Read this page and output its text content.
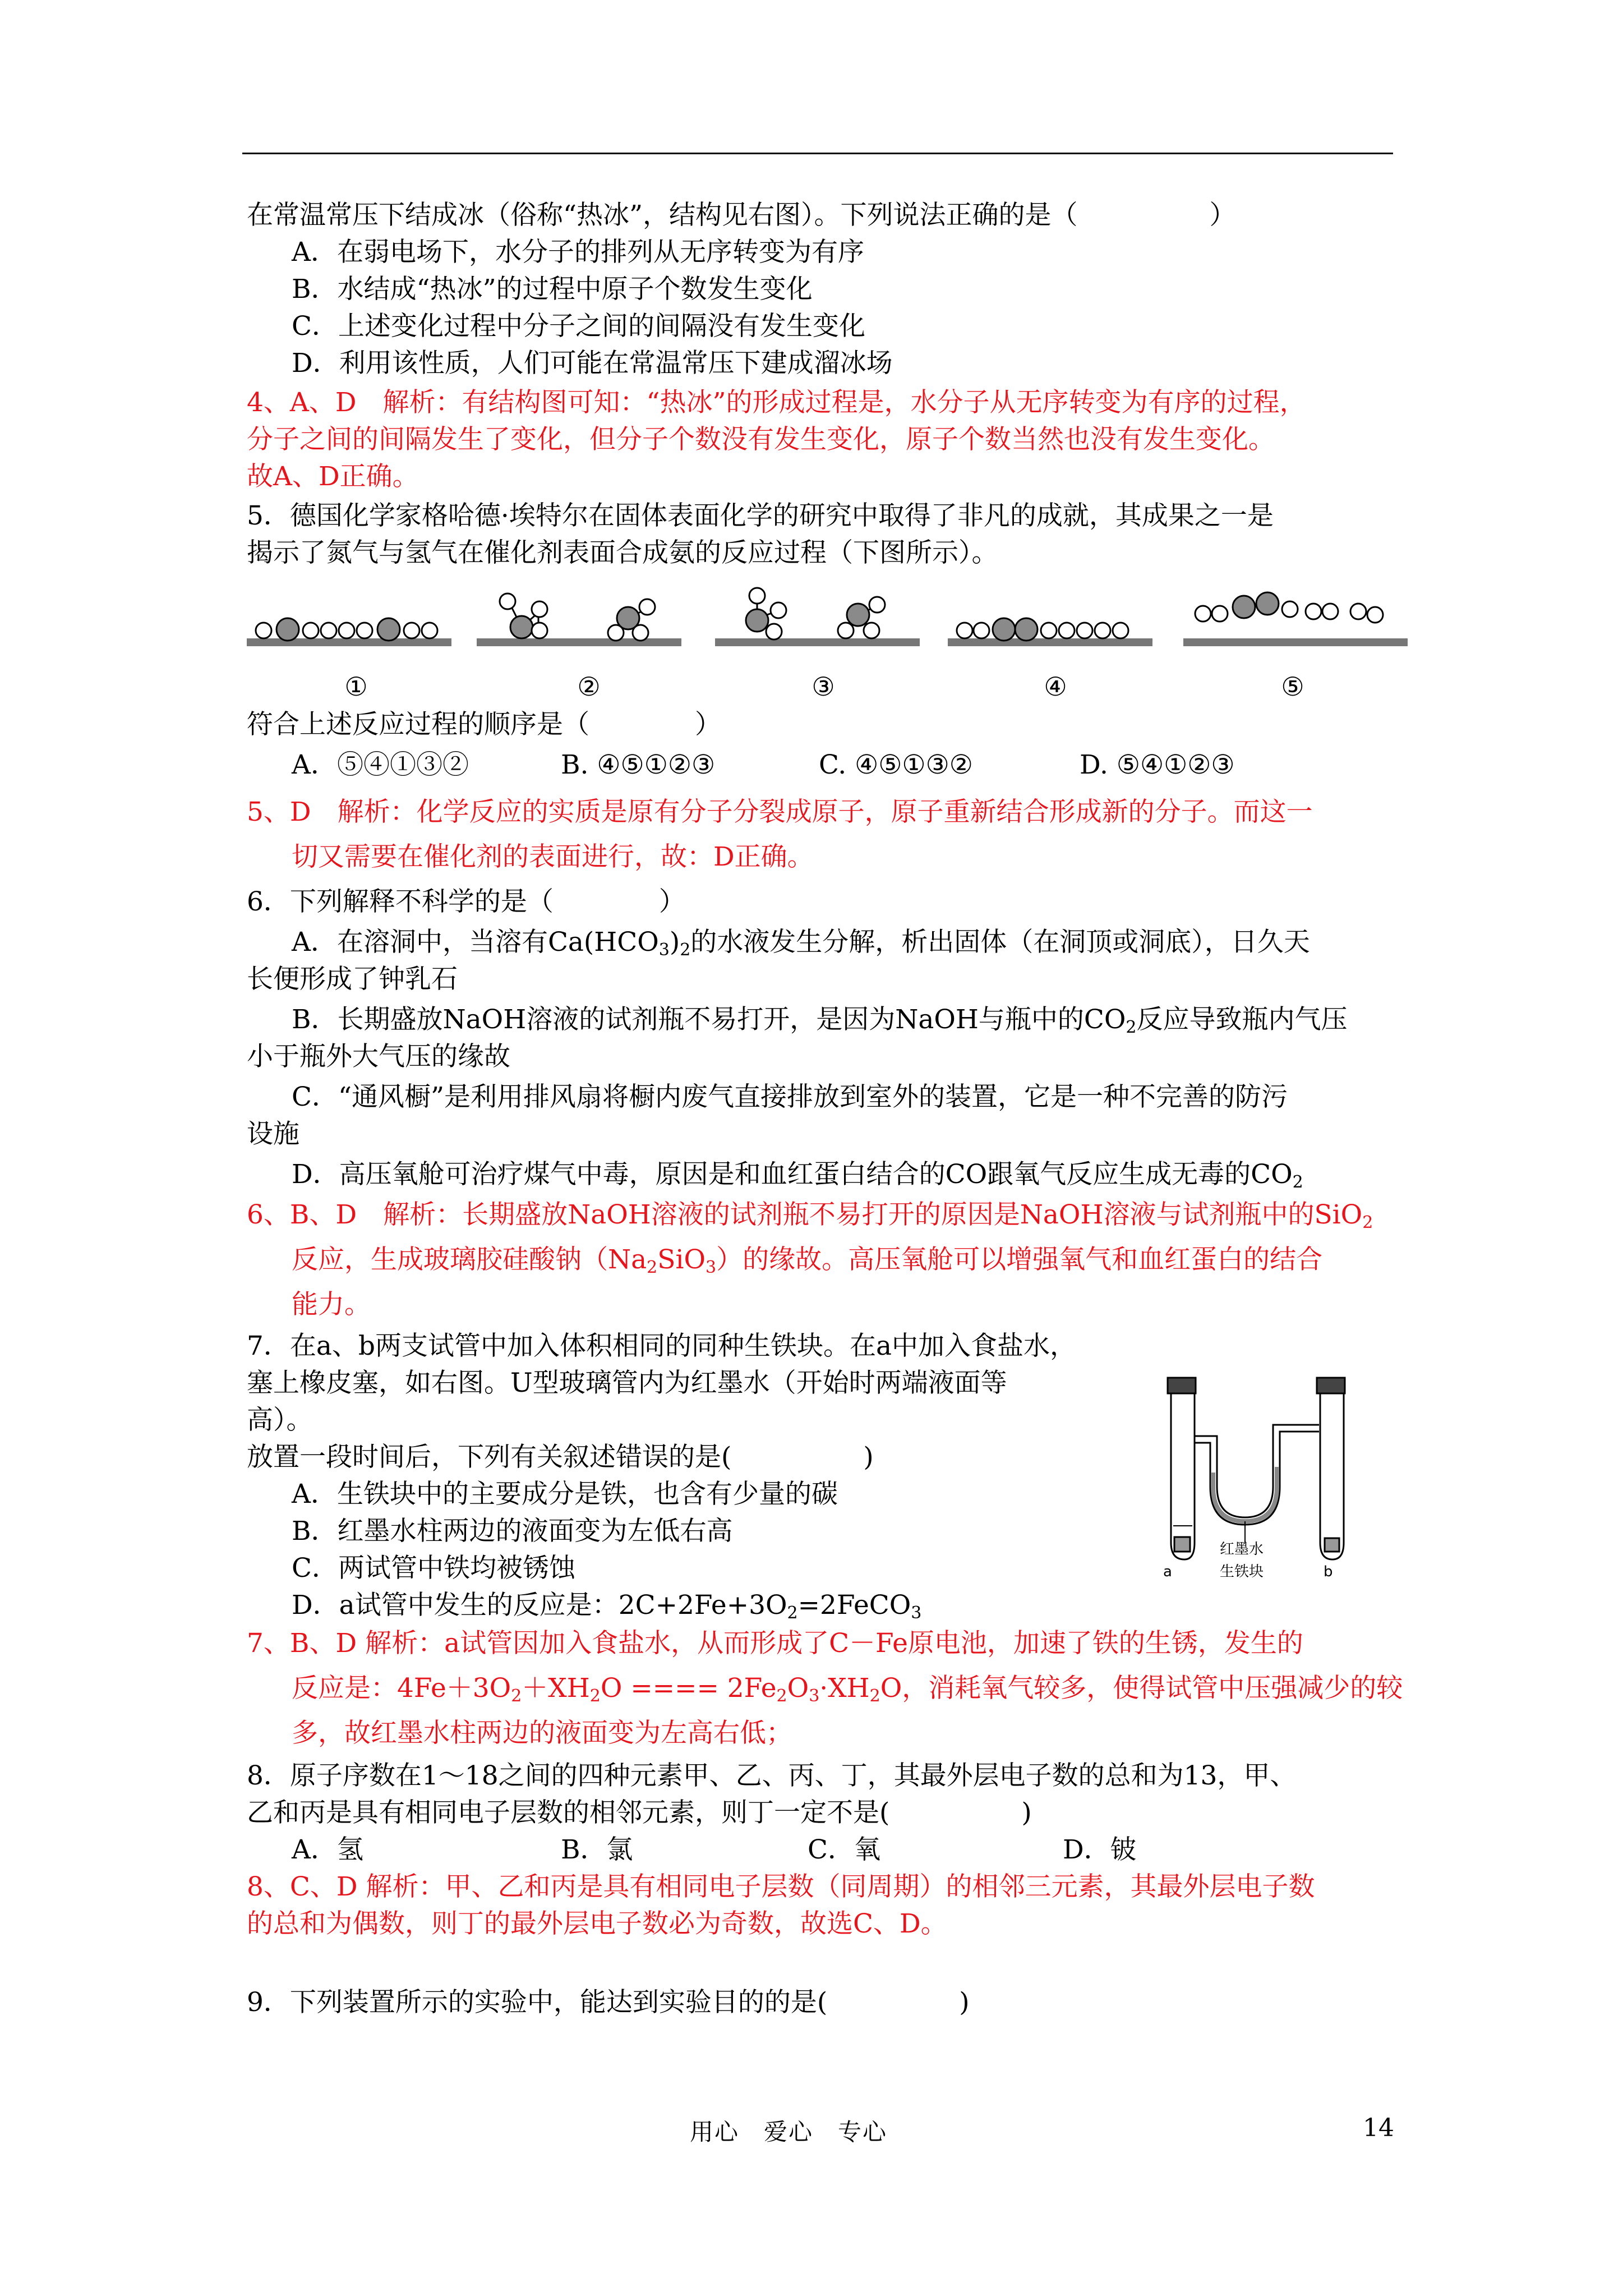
在常温常压下结成冰（俗称“热冰”，结构见右图）。下列说法正确的是（　　　　　）
A．在弱电场下，水分子的排列从无序转变为有序
B．水结成“热冰”的过程中原子个数发生变化
C．上述变化过程中分子之间的间隔没有发生变化
D．利用该性质，人们可能在常温常压下建成溜冰场
4、A、D　解析：有结构图可知：“热冰”的形成过程是，水分子从无序转变为有序的过程，
分子之间的间隔发生了变化，但分子个数没有发生变化，原子个数当然也没有发生变化。
故A、D正确。
5．德国化学家格哈德·埃特尔在固体表面化学的研究中取得了非凡的成就，其成果之一是
揭示了氮气与氢气在催化剂表面合成氨的反应过程（下图所示）。
①	②	③	④	⑤
符合上述反应过程的顺序是（　　　　）
A．⑤④①③②	B. ④⑤①②③	C. ④⑤①③②	D. ⑤④①②③
5、D　解析：化学反应的实质是原有分子分裂成原子，原子重新结合形成新的分子。而这一
切又需要在催化剂的表面进行，故：D正确。
6．下列解释不科学的是（　　　　）
A．在溶洞中，当溶有$Ca(HCO_3)_2$的水液发生分解，析出固体（在洞顶或洞底），日久天
长便形成了钟乳石
B．长期盛放NaOH溶液的试剂瓶不易打开，是因为NaOH与瓶中的$CO_2$反应导致瓶内气压
小于瓶外大气压的缘故
C．“通风橱”是利用排风扇将橱内废气直接排放到室外的装置，它是一种不完善的防污
设施
D．高压氧舱可治疗煤气中毒，原因是和血红蛋白结合的CO跟氧气反应生成无毒的$CO_2$
6、B、D　解析：长期盛放NaOH溶液的试剂瓶不易打开的原因是NaOH溶液与试剂瓶中的SiO$_2$
反应，生成玻璃胶硅酸钠$(Na_2SiO_3)$的缘故。高压氧舱可以增强氧气和血红蛋白的结合
能力。
7．在a、b两支试管中加入体积相同的同种生铁块。在a中加入食盐水，
塞上橡皮塞，如右图。U型玻璃管内为红墨水（开始时两端液面等
高）。
放置一段时间后，下列有关叙述错误的是(　　　　　)
A．生铁块中的主要成分是铁，也含有少量的碳
B．红墨水柱两边的液面变为左低右高
C．两试管中铁均被锈蚀
D．a试管中发生的反应是：$2C+2Fe+3O_2=2FeCO_3$
红墨水
生铁块
a	b
7、B、D 解析：a试管因加入食盐水，从而形成了C－Fe原电池，加速了铁的生锈，发生的
反应是：$4Fe+3O_2+XH_2O$ ==== $2Fe_2O_3\cdot XH_2O$，消耗氧气较多，使得试管中压强减少的较
多，故红墨水柱两边的液面变为左高右低；
8．原子序数在1～18之间的四种元素甲、乙、丙、丁，其最外层电子数的总和为13，甲、
乙和丙是具有相同电子层数的相邻元素，则丁一定不是(　　　　　)
A．氢	B．氯	C．氧	D．铍
8、C、D 解析：甲、乙和丙是具有相同电子层数（同周期）的相邻三元素，其最外层电子数
的总和为偶数，则丁的最外层电子数必为奇数，故选C、D。
9．下列装置所示的实验中，能达到实验目的的是(　　　　　)
用心　爱心　专心	14
